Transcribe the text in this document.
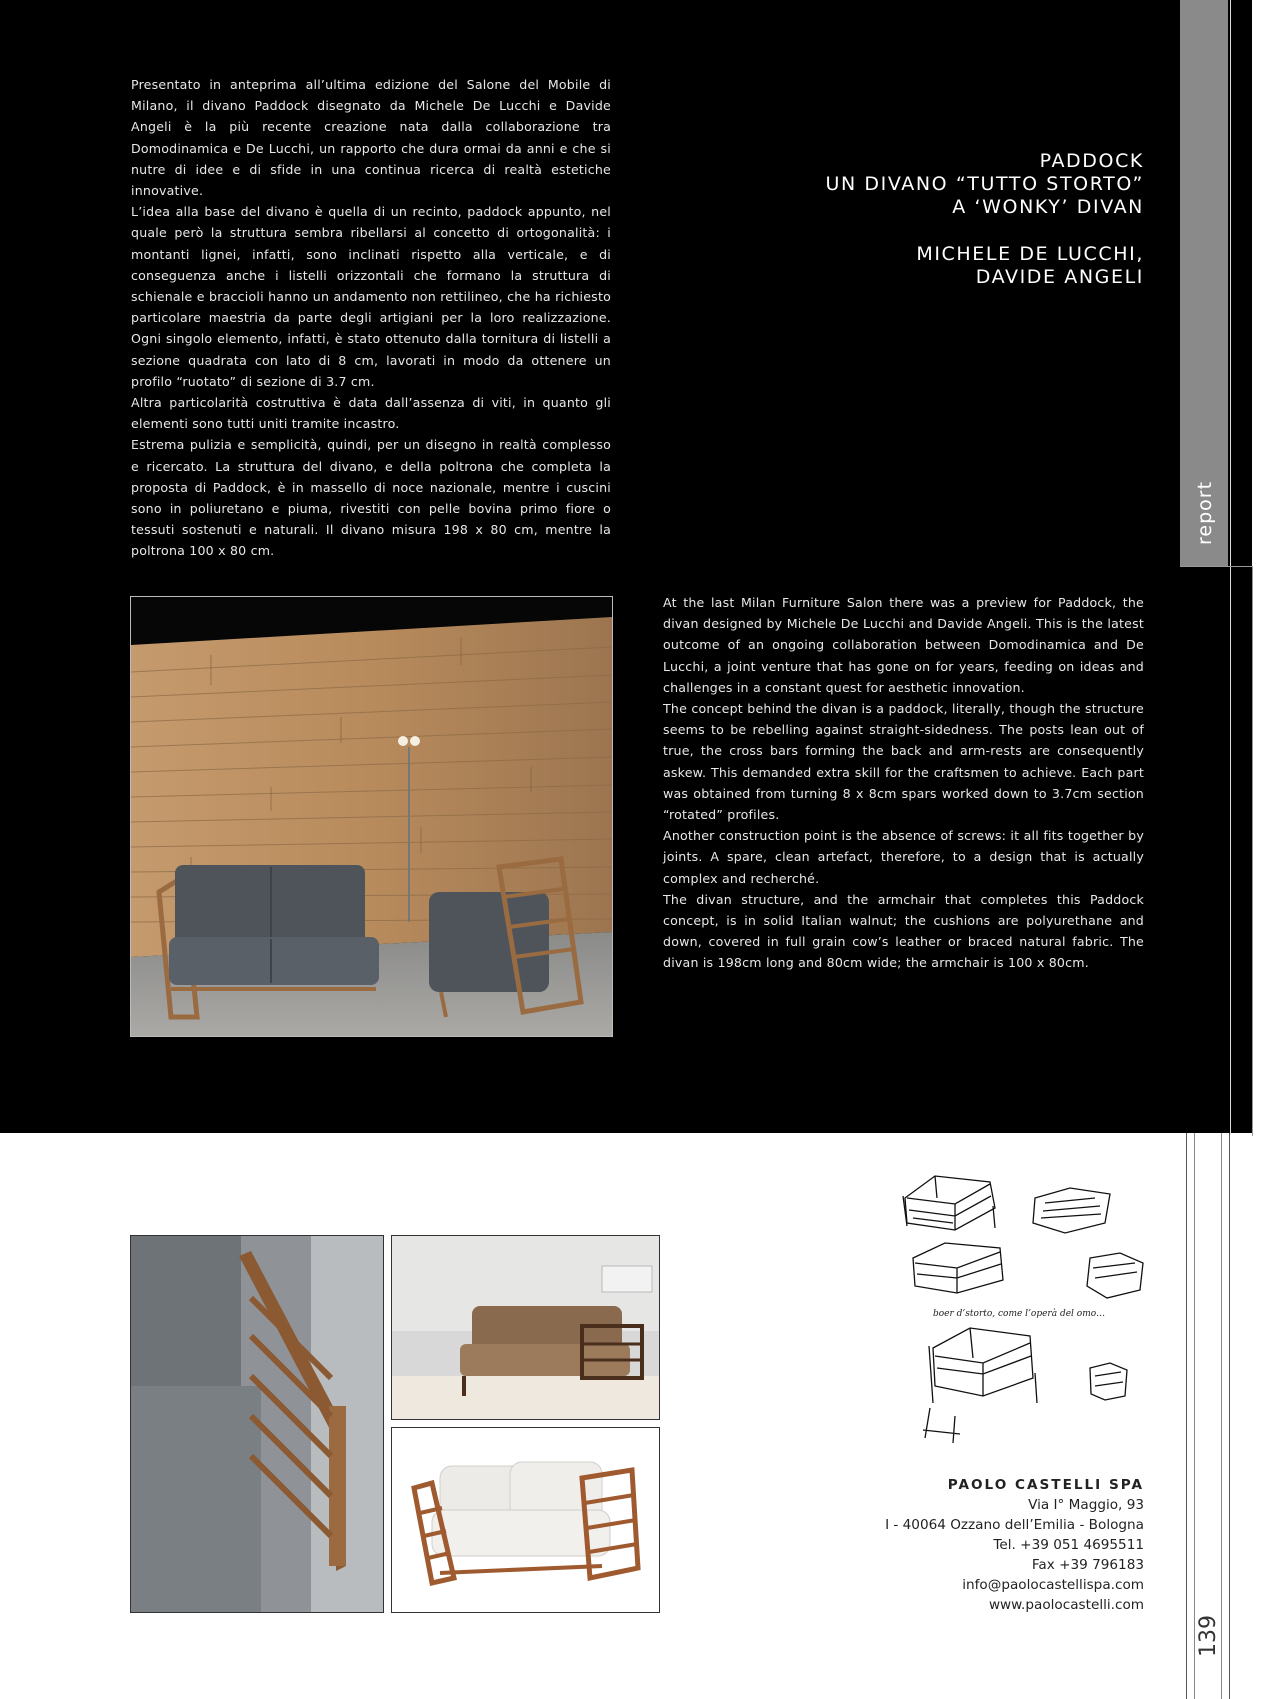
Presentato in anteprima all’ultima edizione del Salone del Mobile di Milano, il divano Paddock disegnato da Michele De Lucchi e Davide Angeli è la più recente creazione nata dalla collaborazione tra Domodinamica e De Lucchi, un rapporto che dura ormai da anni e che si nutre di idee e di sfide in una continua ricerca di realtà estetiche innovative.

L’idea alla base del divano è quella di un recinto, paddock appunto, nel quale però la struttura sembra ribellarsi al concetto di ortogonalità: i montanti lignei, infatti, sono inclinati rispetto alla verticale, e di conseguenza anche i listelli orizzontali che formano la struttura di schienale e braccioli hanno un andamento non rettilineo, che ha richiesto particolare maestria da parte degli artigiani per la loro realizzazione. Ogni singolo elemento, infatti, è stato ottenuto dalla tornitura di listelli a sezione quadrata con lato di 8 cm, lavorati in modo da ottenere un profilo “ruotato” di sezione di 3.7 cm.

Altra particolarità costruttiva è data dall’assenza di viti, in quanto gli elementi sono tutti uniti tramite incastro.

Estrema pulizia e semplicità, quindi, per un disegno in realtà complesso e ricercato. La struttura del divano, e della poltrona che completa la proposta di Paddock, è in massello di noce nazionale, mentre i cuscini sono in poliuretano e piuma, rivestiti con pelle bovina primo fiore o tessuti sostenuti e naturali. Il divano misura 198 x 80 cm, mentre la poltrona 100 x 80 cm.

PADDOCK
UN DIVANO “TUTTO STORTO”
A ‘WONKY’ DIVAN
MICHELE DE LUCCHI,
DAVIDE ANGELI

At the last Milan Furniture Salon there was a preview for Paddock, the divan designed by Michele De Lucchi and Davide Angeli. This is the latest outcome of an ongoing collaboration between Domodinamica and De Lucchi, a joint venture that has gone on for years, feeding on ideas and challenges in a constant quest for aesthetic innovation.

The concept behind the divan is a paddock, literally, though the structure seems to be rebelling against straight-sidedness. The posts lean out of true, the cross bars forming the back and arm-rests are consequently askew. This demanded extra skill for the craftsmen to achieve. Each part was obtained from turning 8 x 8cm spars worked down to 3.7cm section “rotated” profiles.

Another construction point is the absence of screws: it all fits together by joints. A spare, clean artefact, therefore, to a design that is actually complex and recherché.

The divan structure, and the armchair that completes this Paddock concept, is in solid Italian walnut; the cushions are polyurethane and down, covered in full grain cow’s leather or braced natural fabric. The divan is 198cm long and 80cm wide; the armchair is 100 x 80cm.

report
139
boer d’storto, come l’operà del omo…
PAOLO CASTELLI SPA
Via I° Maggio, 93
I - 40064 Ozzano dell’Emilia - Bologna
Tel. +39 051 4695511
Fax +39 796183
info@paolocastellispa.com
www.paolocastelli.com
